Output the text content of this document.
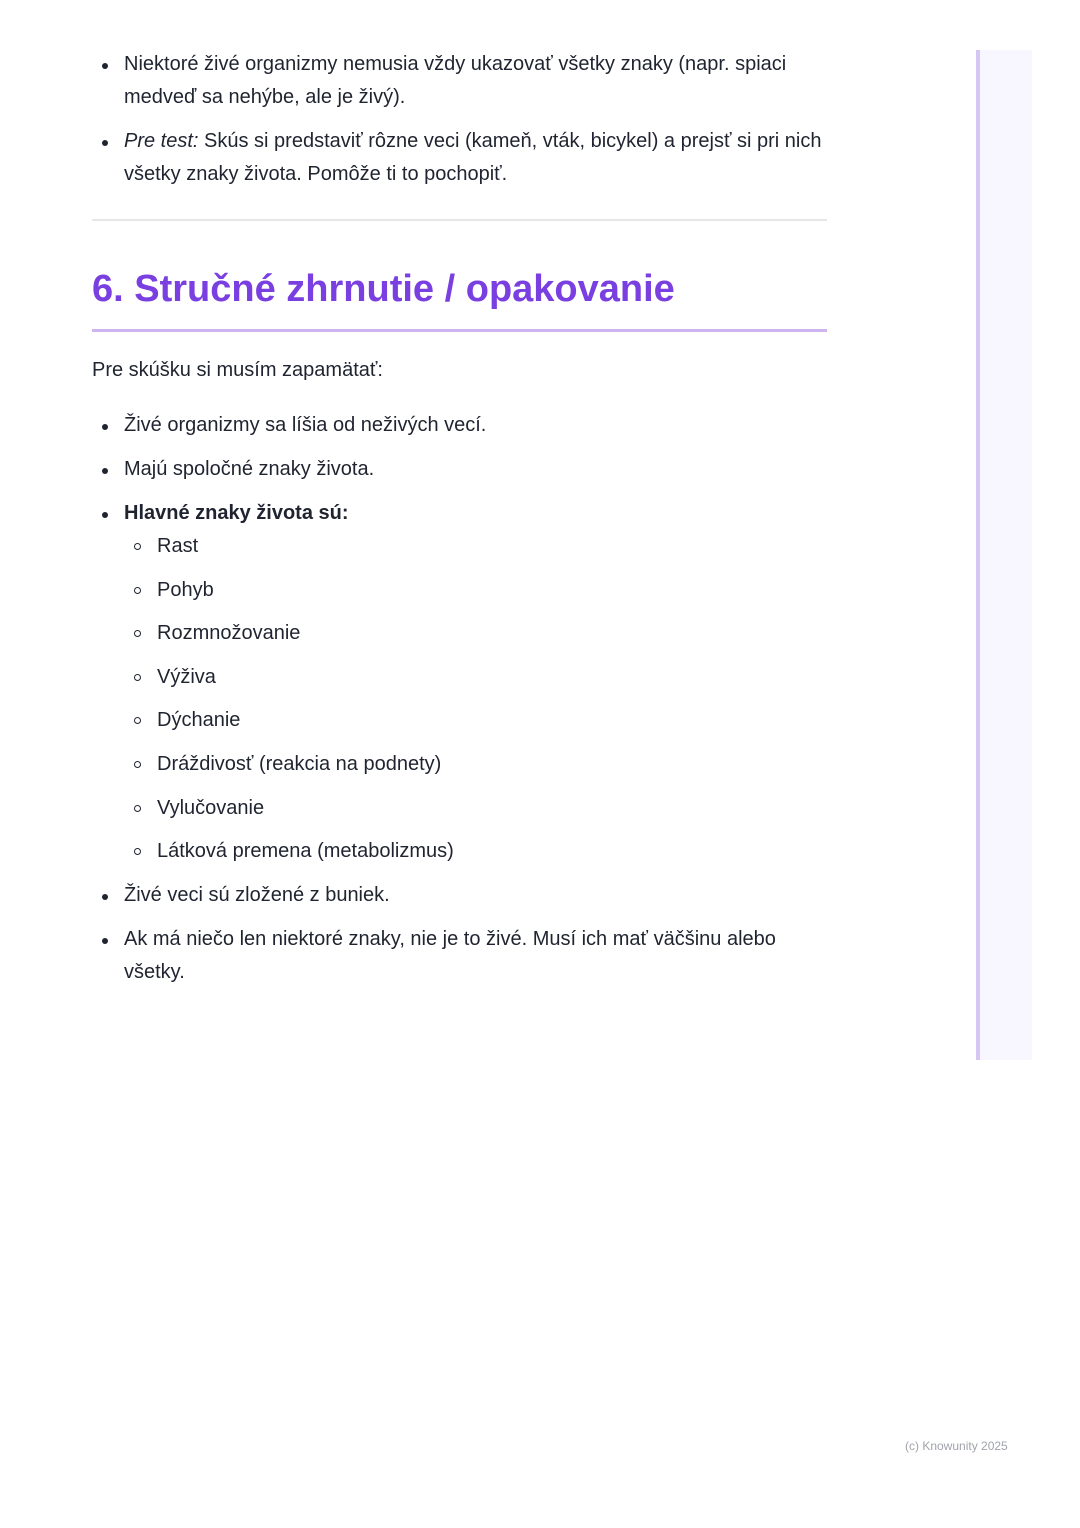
Niektoré živé organizmy nemusia vždy ukazovať všetky znaky (napr. spiaci medveď sa nehýbe, ale je živý).
Pre test: Skús si predstaviť rôzne veci (kameň, vták, bicykel) a prejsť si pri nich všetky znaky života. Pomôže ti to pochopiť.
6. Stručné zhrnutie / opakovanie

Pre skúšku si musím zapamätať:

Živé organizmy sa líšia od neživých vecí.
Majú spoločné znaky života.
Hlavné znaky života sú:
Rast
Pohyb
Rozmnožovanie
Výživa
Dýchanie
Dráždivosť (reakcia na podnety)
Vylučovanie
Látková premena (metabolizmus)
Živé veci sú zložené z buniek.
Ak má niečo len niektoré znaky, nie je to živé. Musí ich mať väčšinu alebo všetky.
(c) Knowunity 2025
